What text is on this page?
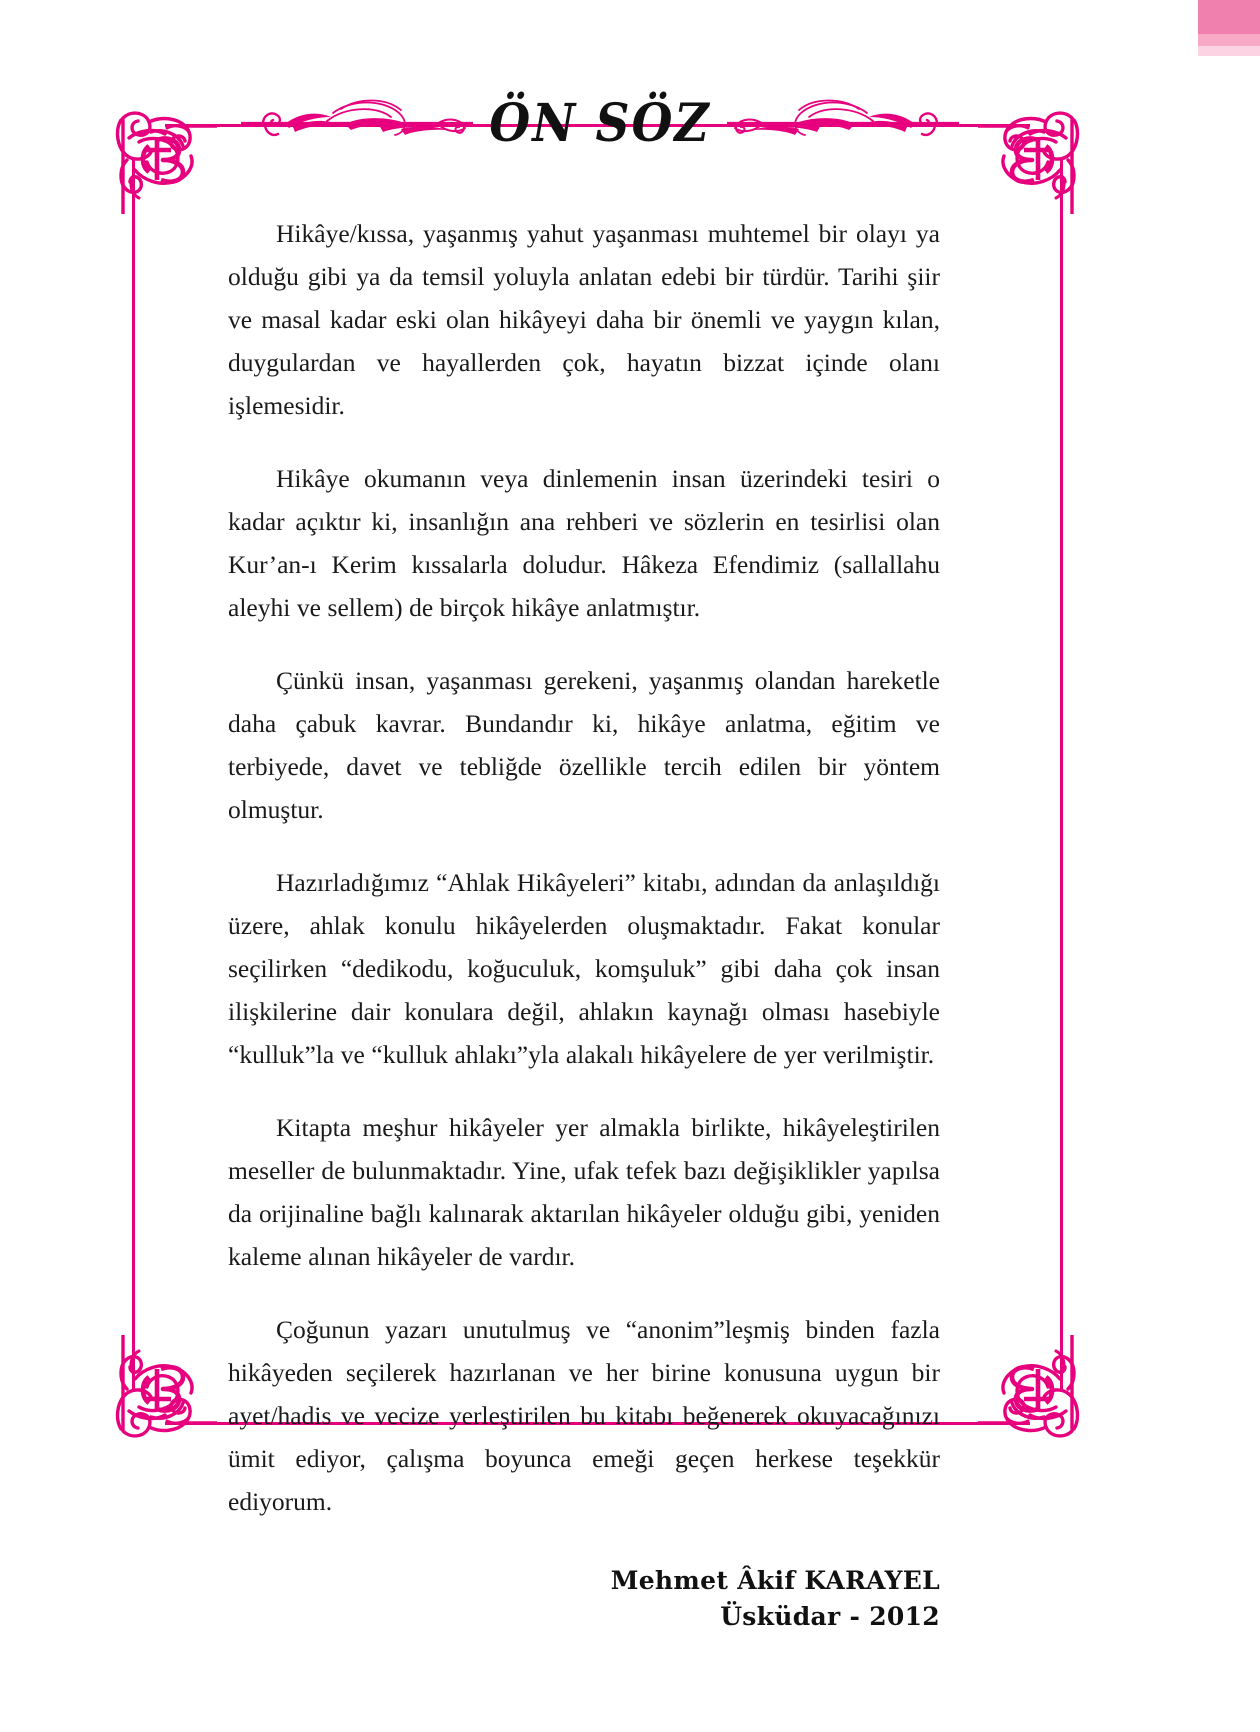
ÖN SÖZ

Hikâye/kıssa, yaşanmış yahut yaşanması muhtemel bir olayı ya olduğu gibi ya da temsil yoluyla anlatan edebi bir türdür. Tarihi şiir ve masal kadar eski olan hikâyeyi daha bir önemli ve yaygın kılan, duygulardan ve hayallerden çok, hayatın bizzat içinde olanı işlemesidir.

Hikâye okumanın veya dinlemenin insan üzerindeki tesiri o kadar açıktır ki, insanlığın ana rehberi ve sözlerin en tesirlisi olan Kur’an-ı Kerim kıssalarla doludur. Hâkeza Efendimiz (sallallahu aleyhi ve sellem) de birçok hikâye anlatmıştır.

Çünkü insan, yaşanması gerekeni, yaşanmış olandan hareketle daha çabuk kavrar. Bundandır ki, hikâye anlatma, eğitim ve terbiyede, davet ve tebliğde özellikle tercih edilen bir yöntem olmuştur.

Hazırladığımız “Ahlak Hikâyeleri” kitabı, adından da anlaşıldığı üzere, ahlak konulu hikâyelerden oluşmaktadır. Fakat konular seçilirken “dedikodu, koğuculuk, komşuluk” gibi daha çok insan ilişkilerine dair konulara değil, ahlakın kaynağı olması hasebiyle “kulluk”la ve “kulluk ahlakı”yla alakalı hikâyelere de yer verilmiştir.

Kitapta meşhur hikâyeler yer almakla birlikte, hikâyeleştirilen meseller de bulunmaktadır. Yine, ufak tefek bazı değişiklikler yapılsa da orijinaline bağlı kalınarak aktarılan hikâyeler olduğu gibi, yeniden kaleme alınan hikâyeler de vardır.

Çoğunun yazarı unutulmuş ve “anonim”leşmiş binden fazla hikâyeden seçilerek hazırlanan ve her birine konusuna uygun bir ayet/hadis ve vecize yerleştirilen bu kitabı beğenerek okuyacağınızı ümit ediyor, çalışma boyunca emeği geçen herkese teşekkür ediyorum.

Mehmet Âkif KARAYEL
Üsküdar - 2012
